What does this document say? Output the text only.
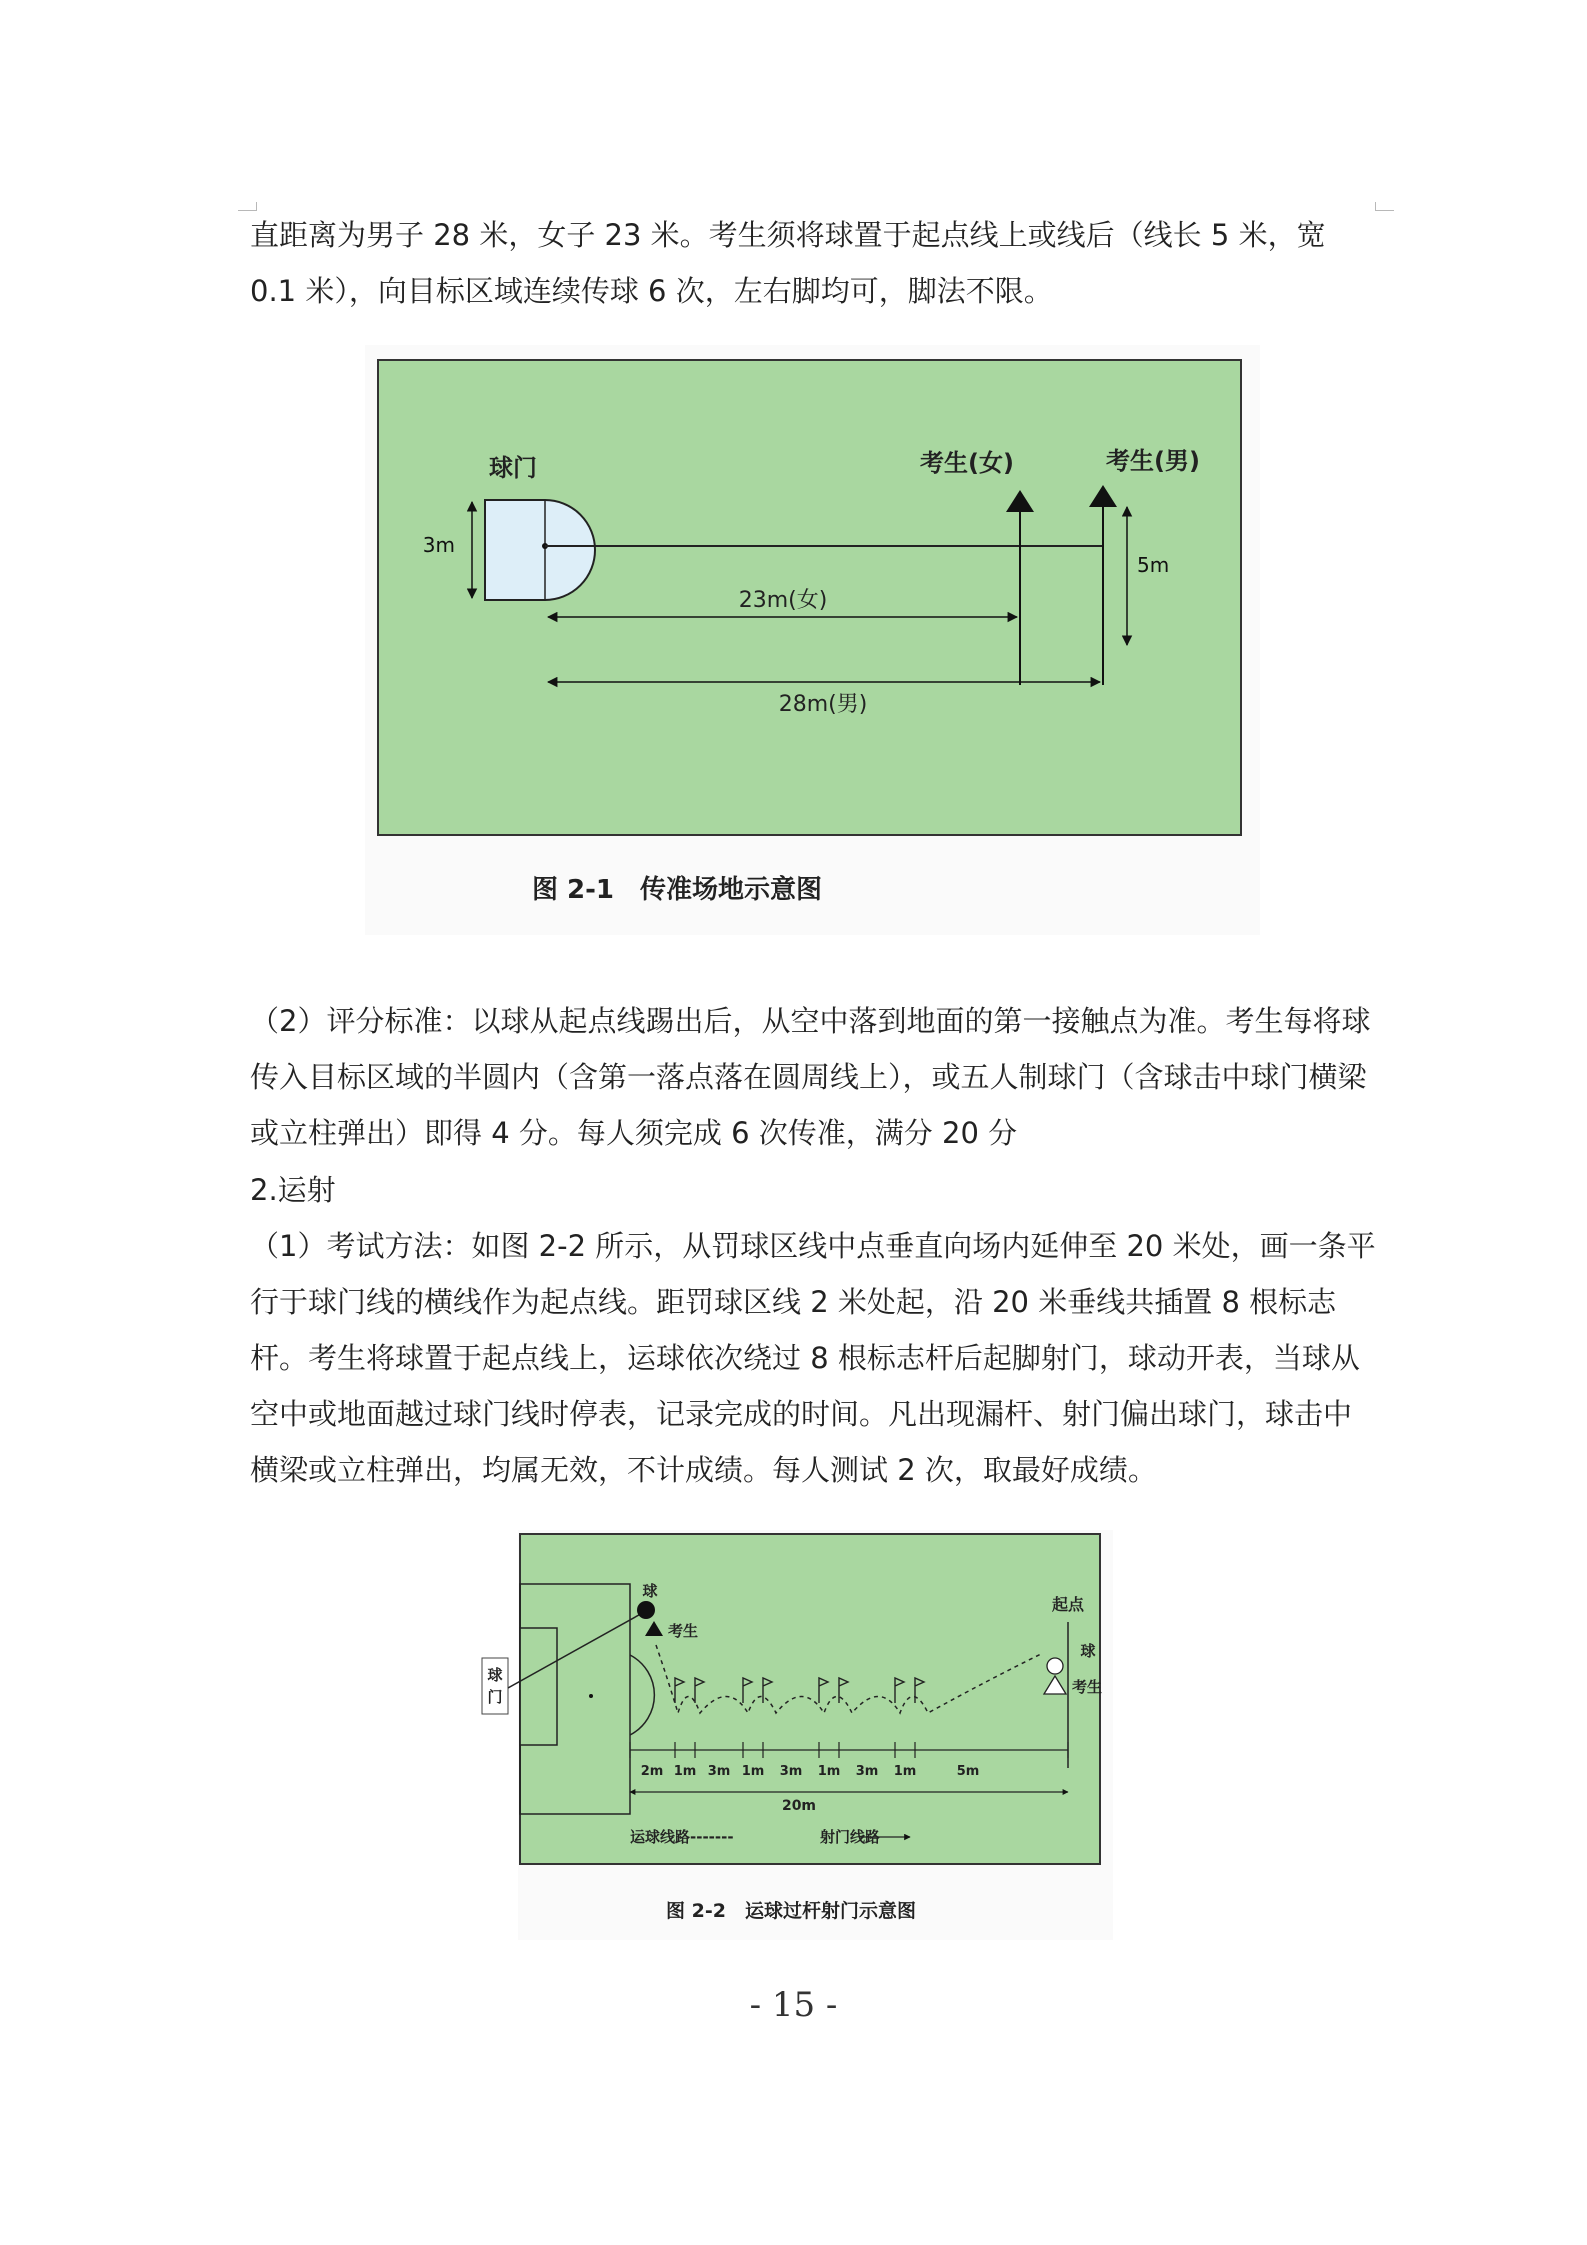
直距离为男子 28 米，女子 23 米。考生须将球置于起点线上或线后（线长 5 米，宽 0.1 米），向目标区域连续传球 6 次，左右脚均可，脚法不限。

3m
球门	考生(女)	考生(男)
5m
23m(女)
28m(男)
图 2-1　传准场地示意图

（2）评分标准：以球从起点线踢出后，从空中落到地面的第一接触点为准。考生每将球传入目标区域的半圆内（含第一落点落在圆周线上），或五人制球门（含球击中球门横梁或立柱弹出）即得 4 分。每人须完成 6 次传准，满分 20 分

2.运射

（1）考试方法：如图 2-2 所示，从罚球区线中点垂直向场内延伸至 20 米处，画一条平行于球门线的横线作为起点线。距罚球区线 2 米处起，沿 20 米垂线共插置 8 根标志杆。考生将球置于起点线上，运球依次绕过 8 根标志杆后起脚射门，球动开表，当球从空中或地面越过球门线时停表，记录完成的时间。凡出现漏杆、射门偏出球门，球击中横梁或立柱弹出，均属无效，不计成绩。每人测试 2 次，取最好成绩。

球
门
球
考生
起点
球
考生
2m 1m 3m 1m 3m 1m 3m 1m	5m
20m
运球线路-------	射门线路
图 2-2　运球过杆射门示意图
- 15 -
